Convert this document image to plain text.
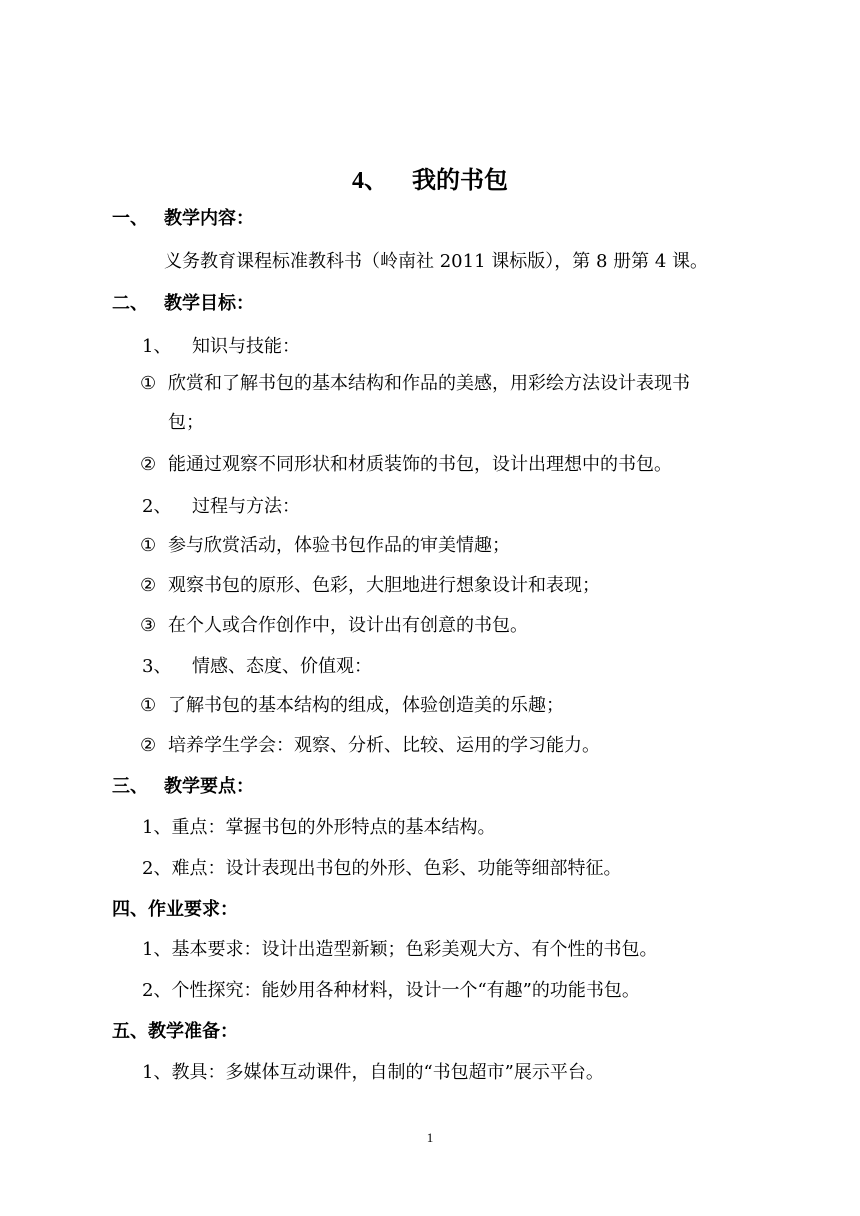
4、 我的书包
一、 教学内容：
义务教育课程标准教科书（岭南社 2011 课标版），第 8 册第 4 课。
二、 教学目标：
1、 知识与技能：
① 欣赏和了解书包的基本结构和作品的美感，用彩绘方法设计表现书
包；
② 能通过观察不同形状和材质装饰的书包，设计出理想中的书包。
2、 过程与方法：
① 参与欣赏活动，体验书包作品的审美情趣；
② 观察书包的原形、色彩，大胆地进行想象设计和表现；
③ 在个人或合作创作中，设计出有创意的书包。
3、 情感、态度、价值观：
① 了解书包的基本结构的组成，体验创造美的乐趣；
② 培养学生学会：观察、分析、比较、运用的学习能力。
三、 教学要点：
1、重点：掌握书包的外形特点的基本结构。
2、难点：设计表现出书包的外形、色彩、功能等细部特征。
四、作业要求：
1、基本要求：设计出造型新颖；色彩美观大方、有个性的书包。
2、个性探究：能妙用各种材料，设计一个“有趣”的功能书包。
五、教学准备：
1、教具：多媒体互动课件，自制的“书包超市”展示平台。
1
